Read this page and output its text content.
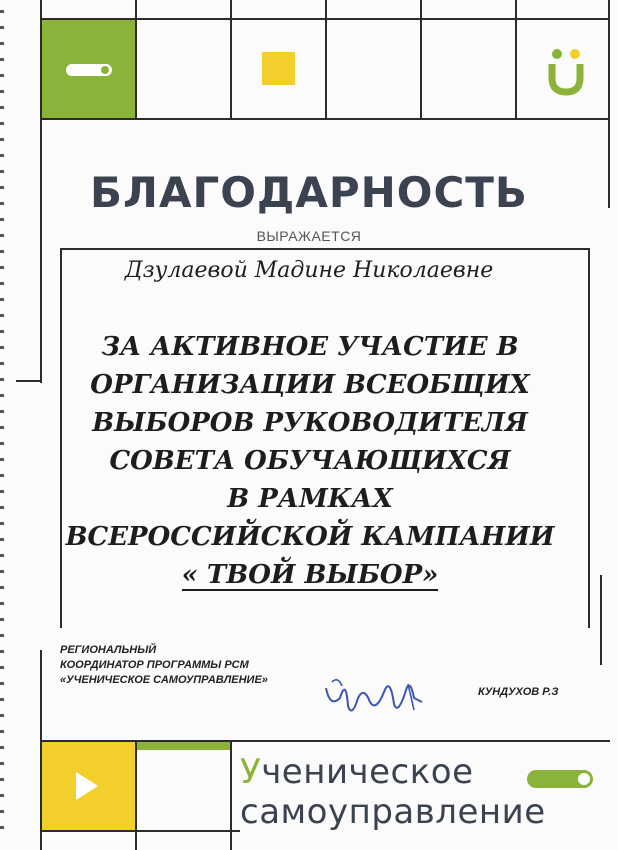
БЛАГОДАРНОСТЬ
ВЫРАЖАЕТСЯ
Дзулаевой Мадине Николаевне
ЗА АКТИВНОЕ УЧАСТИЕ В
ОРГАНИЗАЦИИ ВСЕОБЩИХ
ВЫБОРОВ РУКОВОДИТЕЛЯ
СОВЕТА ОБУЧАЮЩИХСЯ
В РАМКАХ
ВСЕРОССИЙСКОЙ КАМПАНИИ
« ТВОЙ ВЫБОР»
РЕГИОНАЛЬНЫЙ
КООРДИНАТОР ПРОГРАММЫ РСМ
«УЧЕНИЧЕСКОЕ САМОУПРАВЛЕНИЕ»
КУНДУХОВ Р.З
Ученическое
самоуправление
